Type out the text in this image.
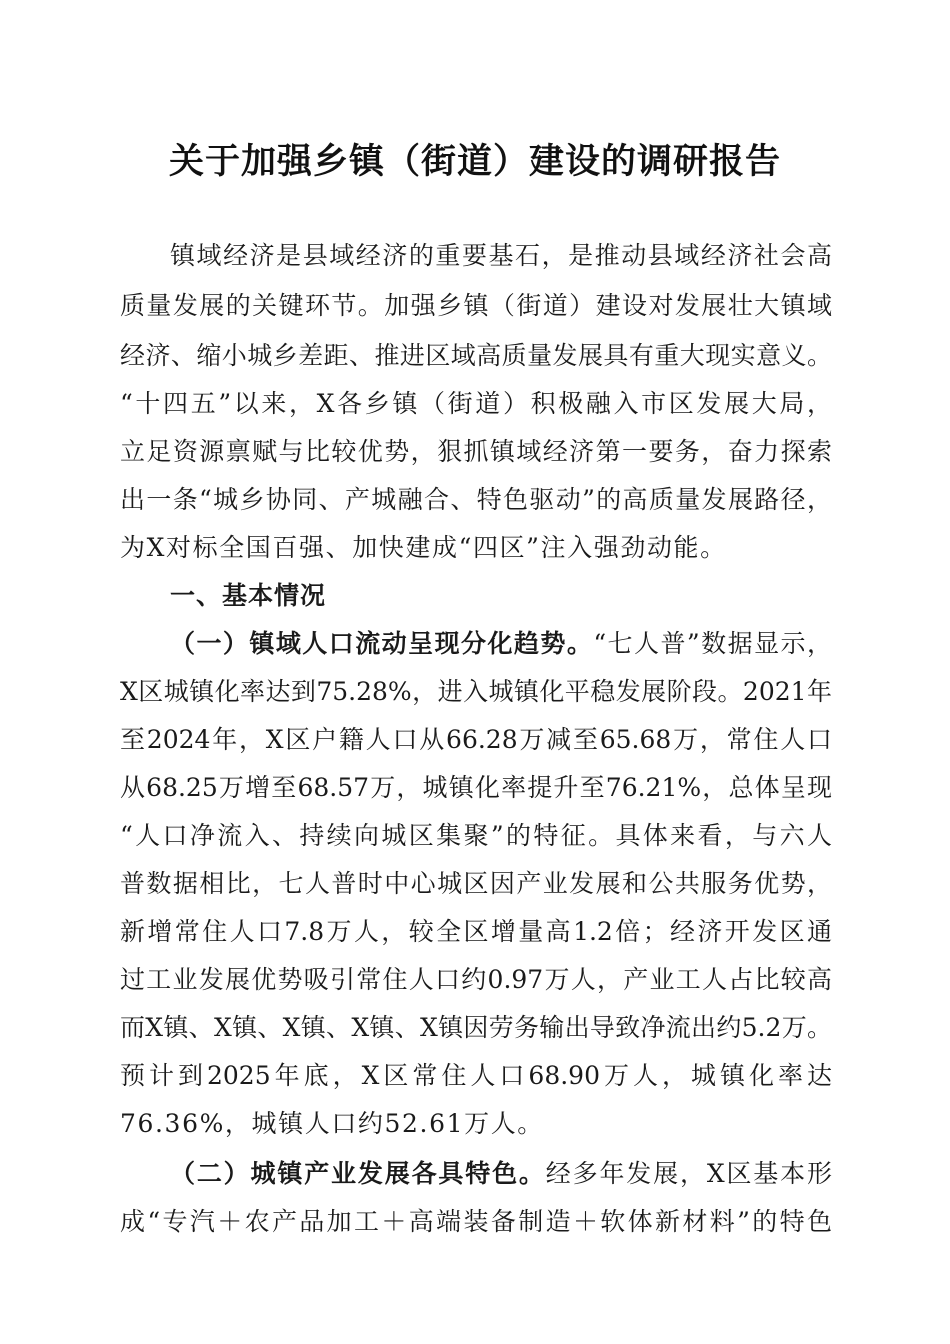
关于加强乡镇（街道）建设的调研报告
镇域经济是县域经济的重要基石，是推动县域经济社会高
质量发展的关键环节。加强乡镇（街道）建设对发展壮大镇域
经济、缩小城乡差距、推进区域高质量发展具有重大现实意义。
“十四五”以来，X各乡镇（街道）积极融入市区发展大局，
立足资源禀赋与比较优势，狠抓镇域经济第一要务，奋力探索
出一条“城乡协同、产城融合、特色驱动”的高质量发展路径，
为X对标全国百强、加快建成“四区”注入强劲动能。
一、基本情况
（一）镇域人口流动呈现分化趋势。“七人普”数据显示，
X区城镇化率达到75.28%，进入城镇化平稳发展阶段。2021年
至2024年，X区户籍人口从66.28万减至65.68万，常住人口
从68.25万增至68.57万，城镇化率提升至76.21%，总体呈现
“人口净流入、持续向城区集聚”的特征。具体来看，与六人
普数据相比，七人普时中心城区因产业发展和公共服务优势，
新增常住人口7.8万人，较全区增量高1.2倍；经济开发区通
过工业发展优势吸引常住人口约0.97万人，产业工人占比较高
而X镇、X镇、X镇、X镇、X镇因劳务输出导致净流出约5.2万。
预计到2025年底，X区常住人口68.90万人，城镇化率达
76.36%，城镇人口约52.61万人。
（二）城镇产业发展各具特色。经多年发展，X区基本形
成“专汽＋农产品加工＋高端装备制造＋软体新材料”的特色
